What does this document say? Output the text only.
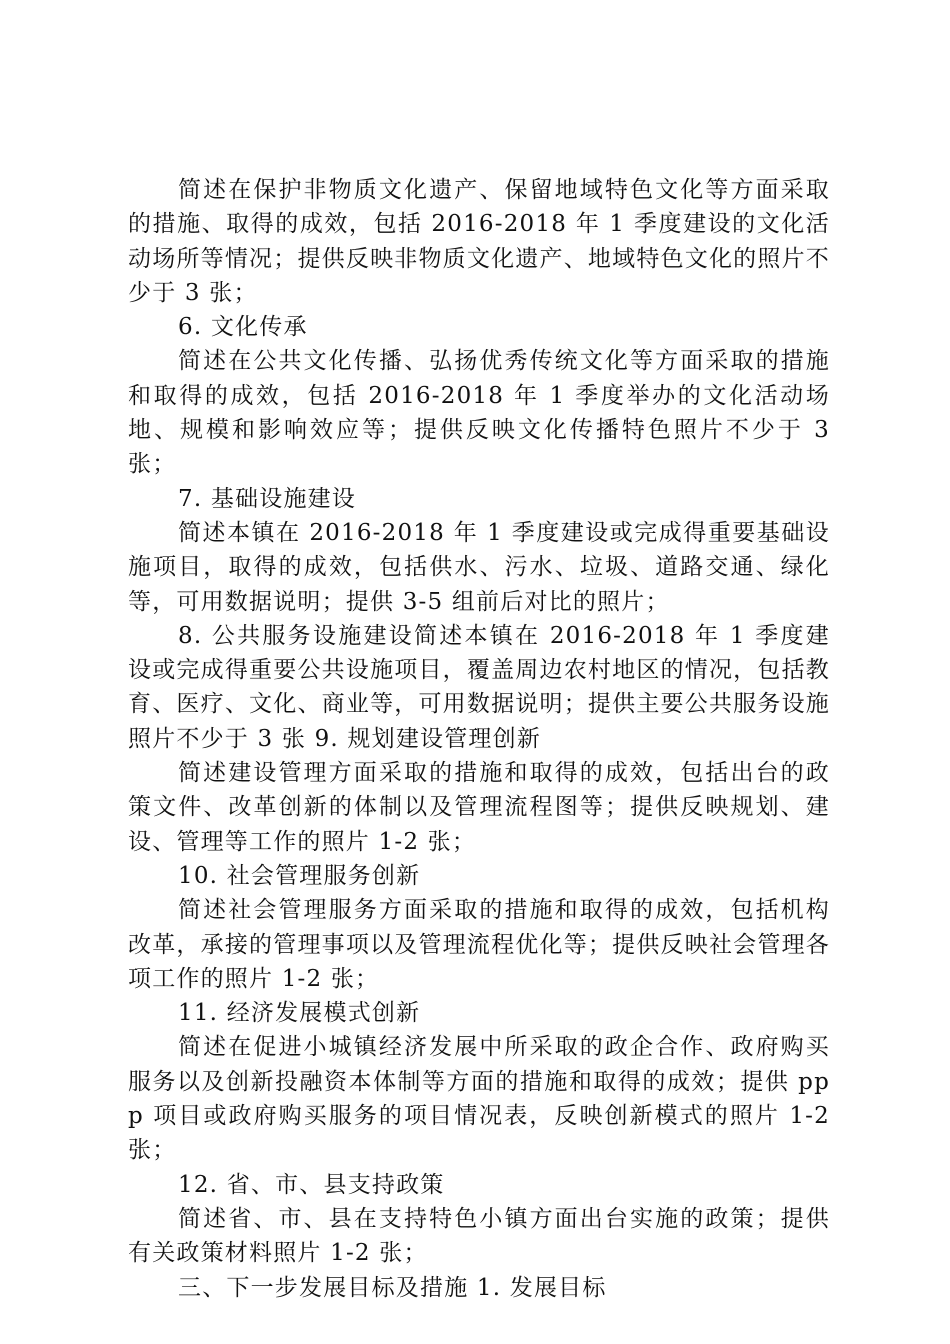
简述在保护非物质文化遗产、保留地域特色文化等方面采取的措施、取得的成效，包括 2016-2018 年 1 季度建设的文化活动场所等情况；提供反映非物质文化遗产、地域特色文化的照片不少于 3 张；

6. 文化传承

简述在公共文化传播、弘扬优秀传统文化等方面采取的措施和取得的成效，包括 2016-2018 年 1 季度举办的文化活动场地、规模和影响效应等；提供反映文化传播特色照片不少于 3 张；

7. 基础设施建设

简述本镇在 2016-2018 年 1 季度建设或完成得重要基础设施项目，取得的成效，包括供水、污水、垃圾、道路交通、绿化等，可用数据说明；提供 3-5 组前后对比的照片；

8. 公共服务设施建设简述本镇在 2016-2018 年 1 季度建设或完成得重要公共设施项目，覆盖周边农村地区的情况，包括教育、医疗、文化、商业等，可用数据说明；提供主要公共服务设施照片不少于 3 张 9. 规划建设管理创新

简述建设管理方面采取的措施和取得的成效，包括出台的政策文件、改革创新的体制以及管理流程图等；提供反映规划、建设、管理等工作的照片 1-2 张；

10. 社会管理服务创新

简述社会管理服务方面采取的措施和取得的成效，包括机构改革，承接的管理事项以及管理流程优化等；提供反映社会管理各项工作的照片 1-2 张；

11. 经济发展模式创新

简述在促进小城镇经济发展中所采取的政企合作、政府购买服务以及创新投融资本体制等方面的措施和取得的成效；提供 ppp 项目或政府购买服务的项目情况表，反映创新模式的照片 1-2 张；

12. 省、市、县支持政策

简述省、市、县在支持特色小镇方面出台实施的政策；提供有关政策材料照片 1-2 张；

三、下一步发展目标及措施 1. 发展目标
